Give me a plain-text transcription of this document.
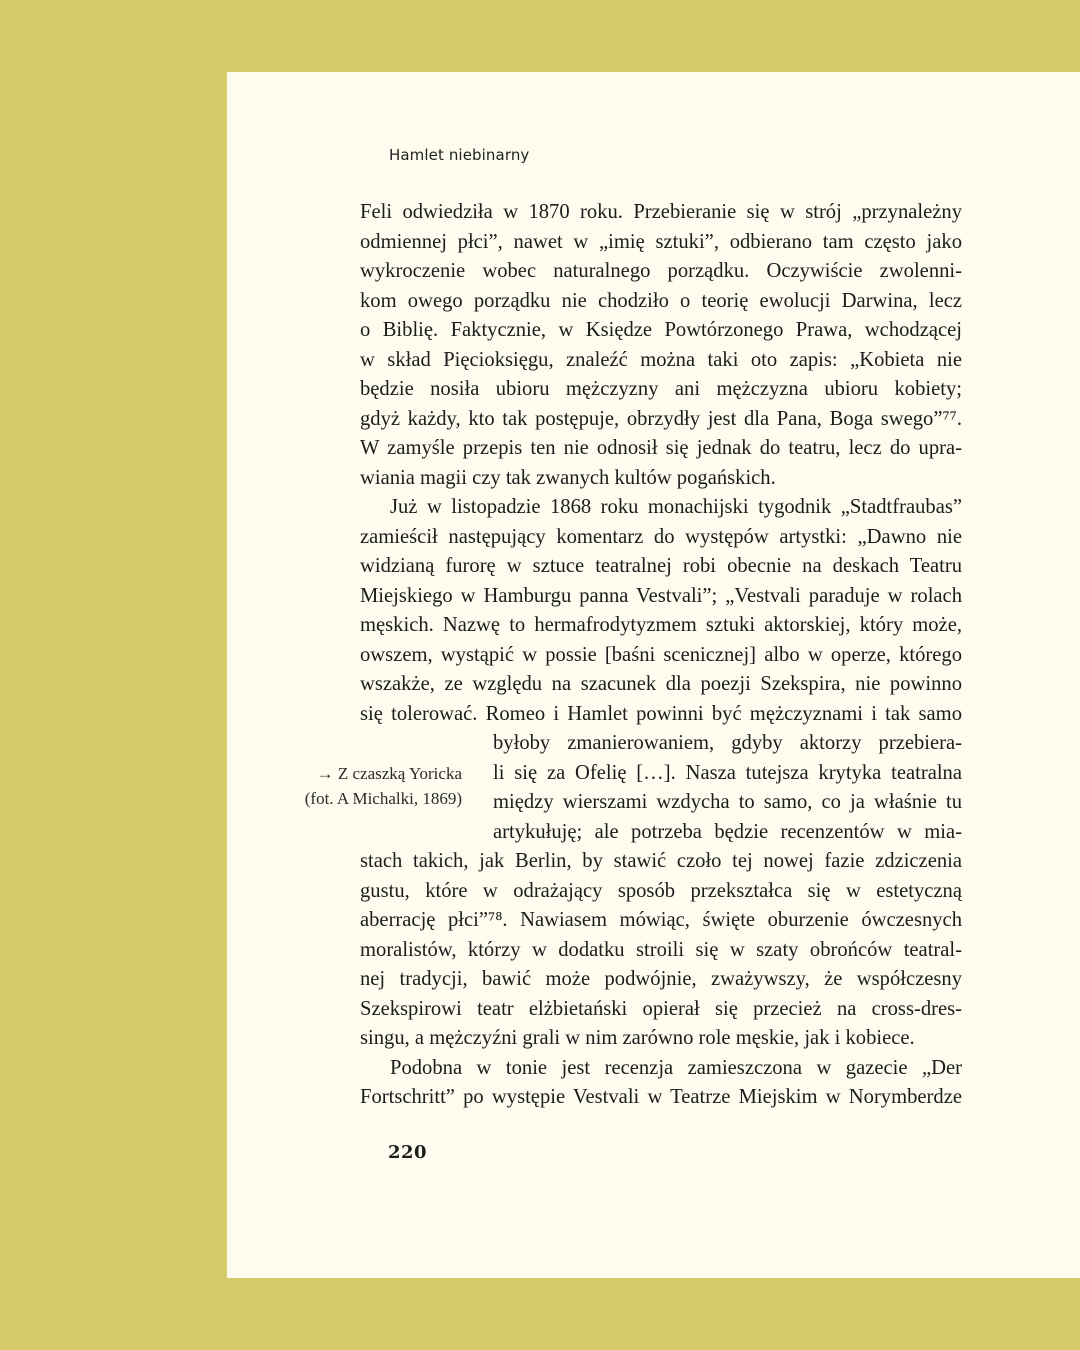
Hamlet niebinarny
Feli odwiedziła w 1870 roku. Przebieranie się w strój „przynależny
odmiennej płci”, nawet w „imię sztuki”, odbierano tam często jako
wykroczenie wobec naturalnego porządku. Oczywiście zwolenni-
kom owego porządku nie chodziło o teorię ewolucji Darwina, lecz
o Biblię. Faktycznie, w Księdze Powtórzonego Prawa, wchodzącej
w skład Pięcioksięgu, znaleźć można taki oto zapis: „Kobieta nie
będzie nosiła ubioru mężczyzny ani mężczyzna ubioru kobiety;
gdyż każdy, kto tak postępuje, obrzydły jest dla Pana, Boga swego”⁷⁷.
W zamyśle przepis ten nie odnosił się jednak do teatru, lecz do upra-
wiania magii czy tak zwanych kultów pogańskich.
Już w listopadzie 1868 roku monachijski tygodnik „Stadtfraubas”
zamieścił następujący komentarz do występów artystki: „Dawno nie
widzianą furorę w sztuce teatralnej robi obecnie na deskach Teatru
Miejskiego w Hamburgu panna Vestvali”; „Vestvali paraduje w rolach
męskich. Nazwę to hermafrodytyzmem sztuki aktorskiej, który może,
owszem, wystąpić w possie [baśni scenicznej] albo w operze, którego
wszakże, ze względu na szacunek dla poezji Szekspira, nie powinno
się tolerować. Romeo i Hamlet powinni być mężczyznami i tak samo
byłoby zmanierowaniem, gdyby aktorzy przebiera-
li się za Ofelię […]. Nasza tutejsza krytyka teatralna
między wierszami wzdycha to samo, co ja właśnie tu
artykułuję; ale potrzeba będzie recenzentów w mia-
stach takich, jak Berlin, by stawić czoło tej nowej fazie zdziczenia
gustu, które w odrażający sposób przekształca się w estetyczną
aberrację płci”⁷⁸. Nawiasem mówiąc, święte oburzenie ówczesnych
moralistów, którzy w dodatku stroili się w szaty obrońców teatral-
nej tradycji, bawić może podwójnie, zważywszy, że współczesny
Szekspirowi teatr elżbietański opierał się przecież na cross-dres-
singu, a mężczyźni grali w nim zarówno role męskie, jak i kobiece.
Podobna w tonie jest recenzja zamieszczona w gazecie „Der
Fortschritt” po występie Vestvali w Teatrze Miejskim w Norymberdze
→ Z czaszką Yoricka
(fot. A Michalki, 1869)
220
